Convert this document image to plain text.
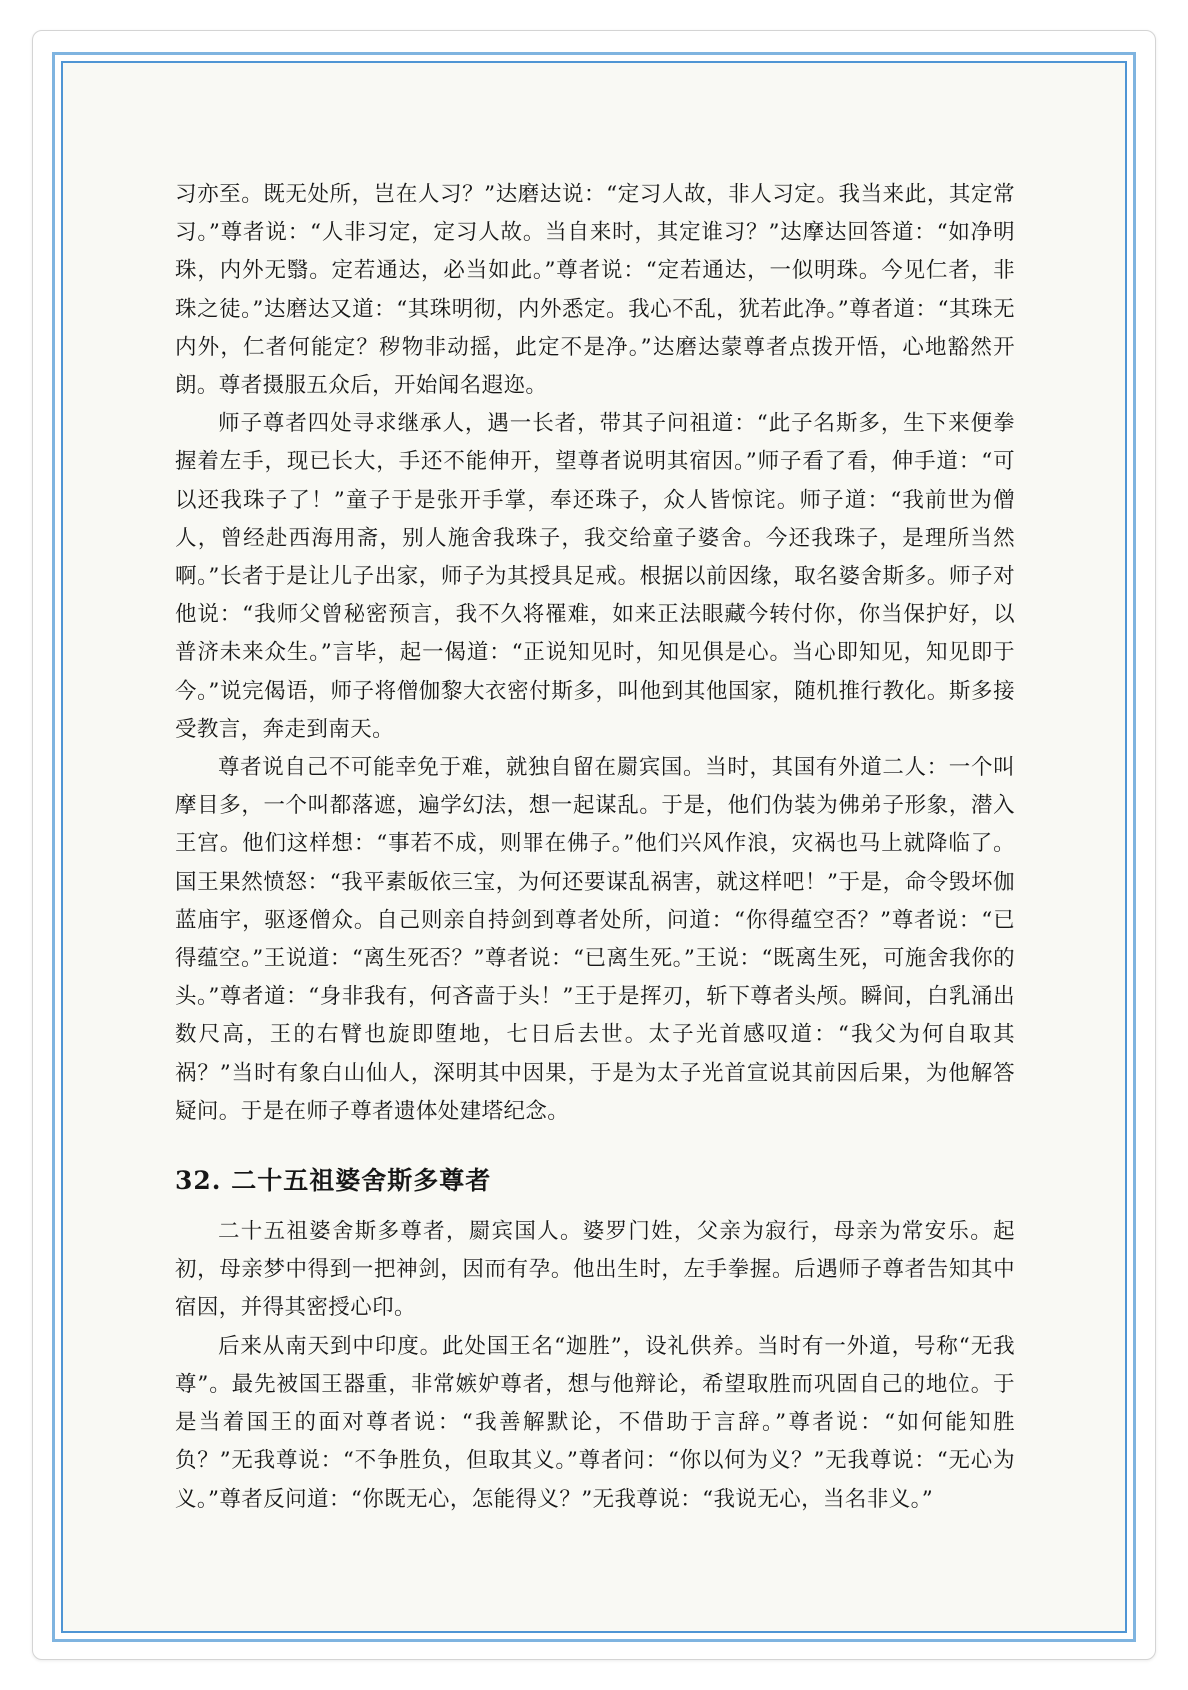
习亦至。既无处所，岂在人习？”达磨达说：“定习人故，非人习定。我当来此，其定常习。”尊者说：“人非习定，定习人故。当自来时，其定谁习？”达摩达回答道：“如净明珠，内外无翳。定若通达，必当如此。”尊者说：“定若通达，一似明珠。今见仁者，非珠之徒。”达磨达又道：“其珠明彻，内外悉定。我心不乱，犹若此净。”尊者道：“其珠无内外，仁者何能定？秽物非动摇，此定不是净。”达磨达蒙尊者点拨开悟，心地豁然开朗。尊者摄服五众后，开始闻名遐迩。

师子尊者四处寻求继承人，遇一长者，带其子问祖道：“此子名斯多，生下来便拳握着左手，现已长大，手还不能伸开，望尊者说明其宿因。”师子看了看，伸手道：“可以还我珠子了！”童子于是张开手掌，奉还珠子，众人皆惊诧。师子道：“我前世为僧人，曾经赴西海用斋，别人施舍我珠子，我交给童子婆舍。今还我珠子，是理所当然啊。”长者于是让儿子出家，师子为其授具足戒。根据以前因缘，取名婆舍斯多。师子对他说：“我师父曾秘密预言，我不久将罹难，如来正法眼藏今转付你，你当保护好，以普济未来众生。”言毕，起一偈道：“正说知见时，知见俱是心。当心即知见，知见即于今。”说完偈语，师子将僧伽黎大衣密付斯多，叫他到其他国家，随机推行教化。斯多接受教言，奔走到南天。

尊者说自己不可能幸免于难，就独自留在罽宾国。当时，其国有外道二人：一个叫摩目多，一个叫都落遮，遍学幻法，想一起谋乱。于是，他们伪装为佛弟子形象，潜入王宫。他们这样想：“事若不成，则罪在佛子。”他们兴风作浪，灾祸也马上就降临了。国王果然愤怒：“我平素皈依三宝，为何还要谋乱祸害，就这样吧！”于是，命令毁坏伽蓝庙宇，驱逐僧众。自己则亲自持剑到尊者处所，问道：“你得蕴空否？”尊者说：“已得蕴空。”王说道：“离生死否？”尊者说：“已离生死。”王说：“既离生死，可施舍我你的头。”尊者道：“身非我有，何吝啬于头！”王于是挥刃，斩下尊者头颅。瞬间，白乳涌出数尺高，王的右臂也旋即堕地，七日后去世。太子光首感叹道：“我父为何自取其祸？”当时有象白山仙人，深明其中因果，于是为太子光首宣说其前因后果，为他解答疑问。于是在师子尊者遗体处建塔纪念。

32. 二十五祖婆舍斯多尊者

二十五祖婆舍斯多尊者，罽宾国人。婆罗门姓，父亲为寂行，母亲为常安乐。起初，母亲梦中得到一把神剑，因而有孕。他出生时，左手拳握。后遇师子尊者告知其中宿因，并得其密授心印。

后来从南天到中印度。此处国王名“迦胜”，设礼供养。当时有一外道，号称“无我尊”。最先被国王器重，非常嫉妒尊者，想与他辩论，希望取胜而巩固自己的地位。于是当着国王的面对尊者说：“我善解默论，不借助于言辞。”尊者说：“如何能知胜负？”无我尊说：“不争胜负，但取其义。”尊者问：“你以何为义？”无我尊说：“无心为义。”尊者反问道：“你既无心，怎能得义？”无我尊说：“我说无心，当名非义。”
